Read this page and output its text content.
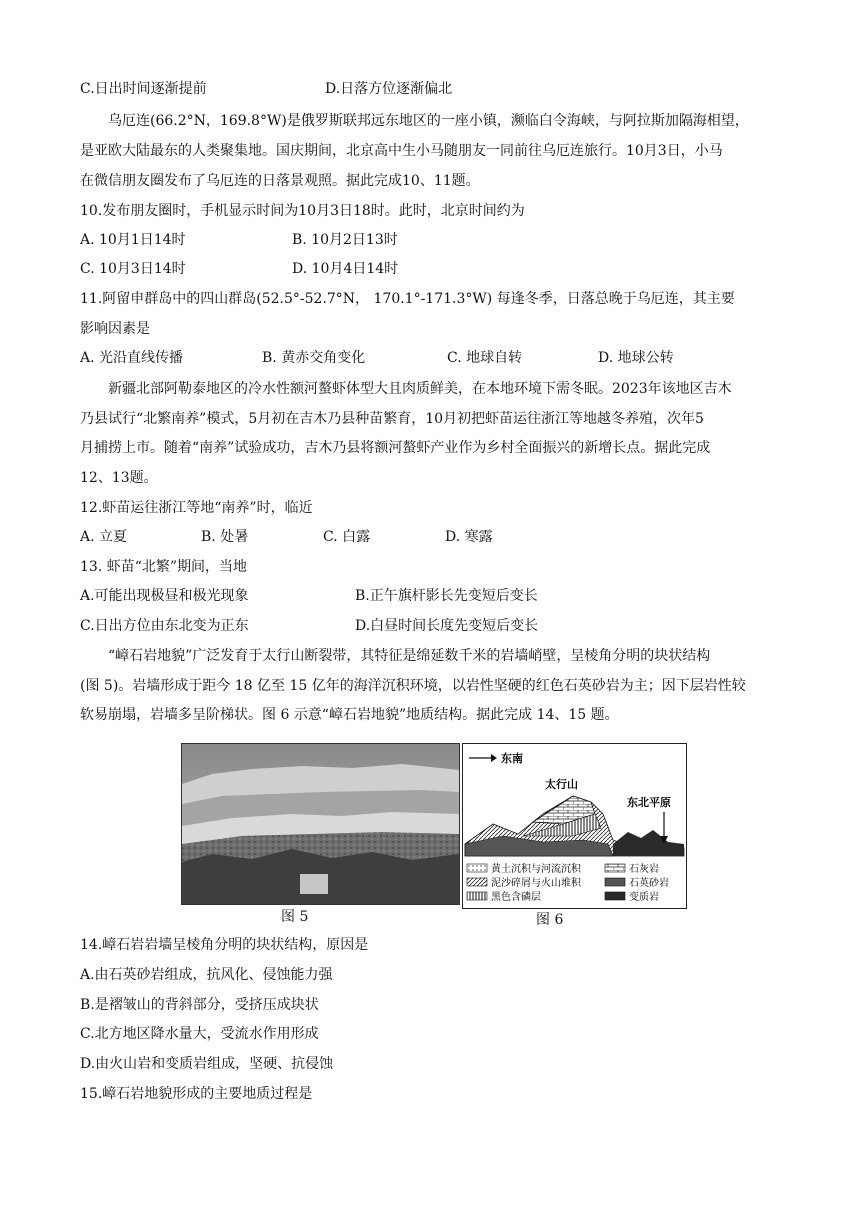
C.日出时间逐渐提前	D.日落方位逐渐偏北
乌厄连(66.2°N，169.8°W)是俄罗斯联邦远东地区的一座小镇，濒临白令海峡，与阿拉斯加隔海相望，
是亚欧大陆最东的人类聚集地。国庆期间，北京高中生小马随朋友一同前往乌厄连旅行。10月3日，小马
在微信朋友圈发布了乌厄连的日落景观照。据此完成10、11题。
10.发布朋友圈时，手机显示时间为10月3日18时。此时，北京时间约为
A. 10月1日14时	B. 10月2日13时
C. 10月3日14时	D. 10月4日14时
11.阿留申群岛中的四山群岛(52.5°-52.7°N， 170.1°-171.3°W) 每逢冬季，日落总晚于乌厄连，其主要
影响因素是
A. 光沿直线传播	B. 黄赤交角变化	C. 地球自转	D. 地球公转
新疆北部阿勒泰地区的冷水性额河螯虾体型大且肉质鲜美，在本地环境下需冬眠。2023年该地区吉木
乃县试行“北繁南养”模式，5月初在吉木乃县种苗繁育，10月初把虾苗运往浙江等地越冬养殖，次年5
月捕捞上市。随着“南养”试验成功，吉木乃县将额河螯虾产业作为乡村全面振兴的新增长点。据此完成
12、13题。
12.虾苗运往浙江等地“南养”时，临近
A. 立夏	B. 处暑	C. 白露	D. 寒露
13. 虾苗“北繁”期间，当地
A.可能出现极昼和极光现象	B.正午旗杆影长先变短后变长
C.日出方位由东北变为正东	D.白昼时间长度先变短后变长
“嶂石岩地貌”广泛发育于太行山断裂带，其特征是绵延数千米的岩墙峭壁，呈棱角分明的块状结构
(图 5)。岩墙形成于距今 18 亿至 15 亿年的海洋沉积环境，以岩性坚硬的红色石英砂岩为主；因下层岩性较
软易崩塌，岩墙多呈阶梯状。图 6 示意“嶂石岩地貌”地质结构。据此完成 14、15 题。
图 5
东南
太行山
东北平原
黄土沉积与河流沉积
泥沙碎屑与火山堆积
黑色含磷层
石灰岩
石英砂岩
变质岩
图 6
14.嶂石岩岩墙呈棱角分明的块状结构，原因是
A.由石英砂岩组成，抗风化、侵蚀能力强
B.是褶皱山的背斜部分，受挤压成块状
C.北方地区降水量大，受流水作用形成
D.由火山岩和变质岩组成，坚硬、抗侵蚀
15.嶂石岩地貌形成的主要地质过程是
